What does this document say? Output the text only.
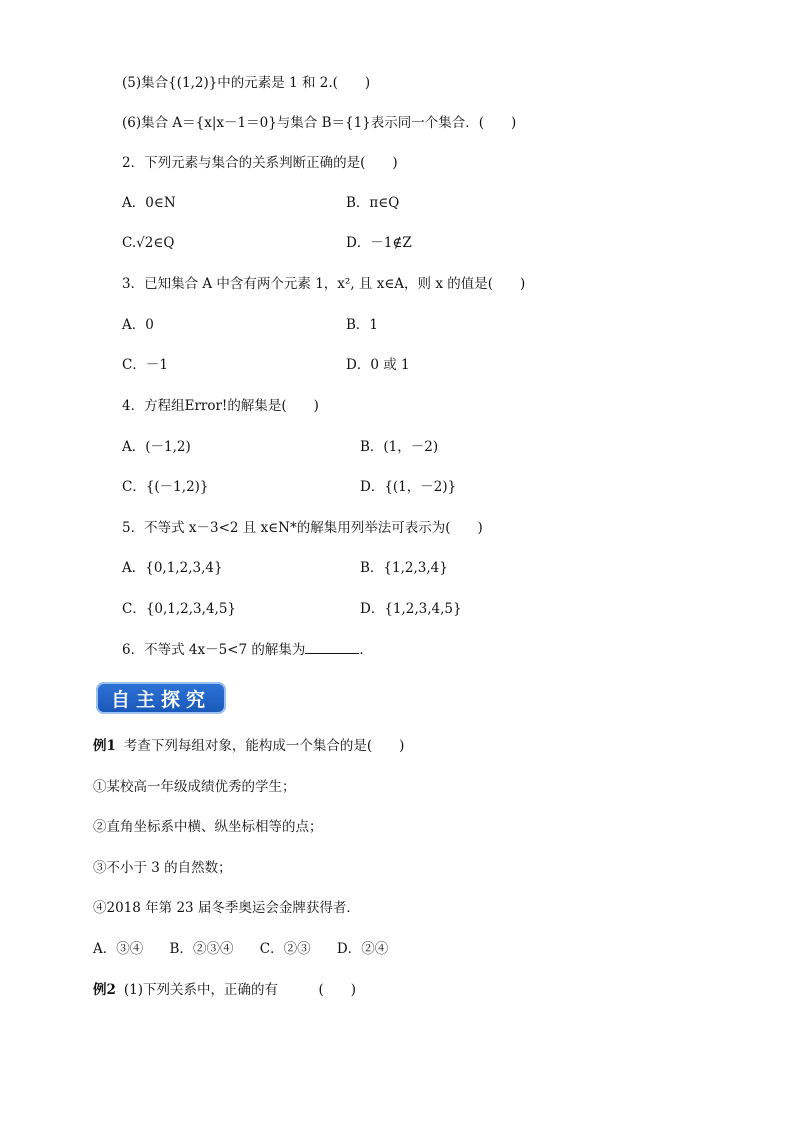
(5)集合{(1,2)}中的元素是 1 和 2.(　　)
(6)集合 A＝{x|x－1＝0}与集合 B＝{1}表示同一个集合．(　　)
2．下列元素与集合的关系判断正确的是(　　)
A．0∈N	B．π∈Q
C.√2∈Q	D．－1∉Z
3．已知集合 A 中含有两个元素 1，x², 且 x∈A，则 x 的值是(　　)
A．0	B．1
C．－1	D．0 或 1
4．方程组Error!的解集是(　　)
A．(－1,2)	B．(1，－2)
C．{(－1,2)}	D．{(1，－2)}
5．不等式 x－3<2 且 x∈N*的解集用列举法可表示为(　　)
A．{0,1,2,3,4}	B．{1,2,3,4}
C．{0,1,2,3,4,5}	D．{1,2,3,4,5}
6．不等式 4x－5<7 的解集为	．
自主探究
例1 考查下列每组对象，能构成一个集合的是(　　)
①某校高一年级成绩优秀的学生；
②直角坐标系中横、纵坐标相等的点；
③不小于 3 的自然数；
④2018 年第 23 届冬季奥运会金牌获得者．
A．③④ B．②③④ C．②③ D．②④
例2 (1)下列关系中，正确的有　　　(　　)
